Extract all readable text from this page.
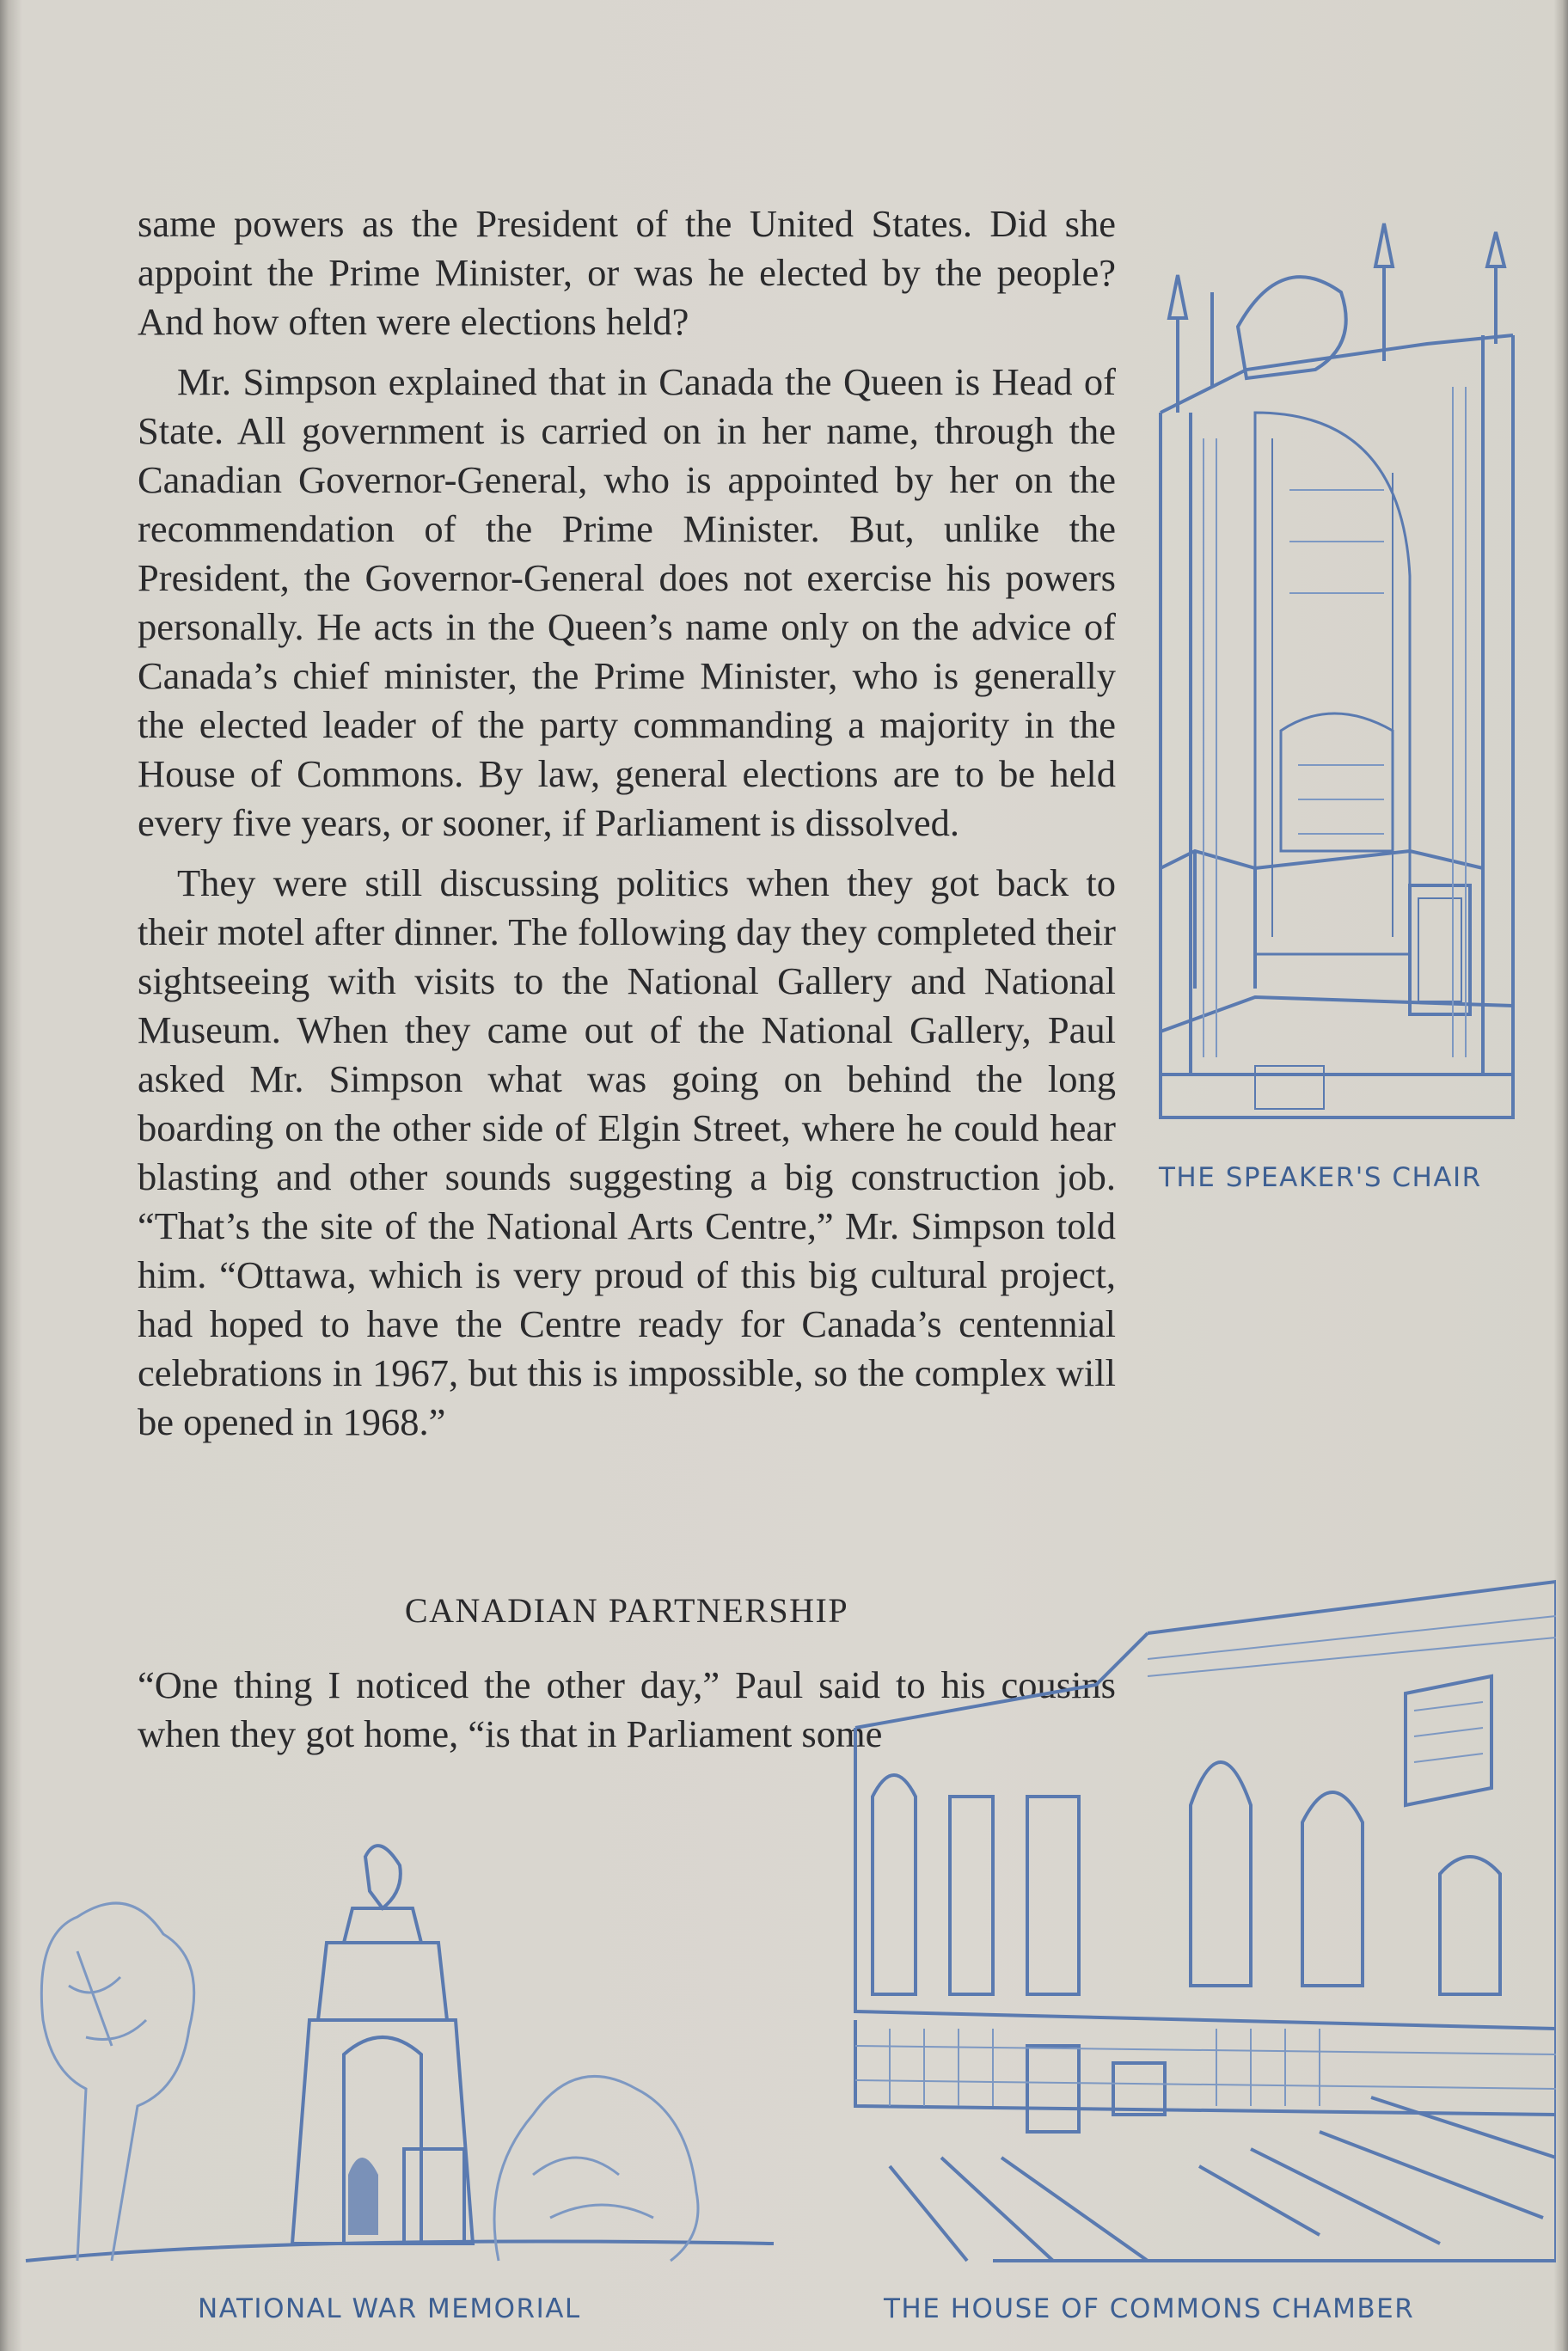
same powers as the President of the United States. Did she appoint the Prime Minister, or was he elected by the people? And how often were elections held?

Mr. Simpson explained that in Canada the Queen is Head of State. All government is carried on in her name, through the Canadian Governor-General, who is appointed by her on the recommendation of the Prime Minister. But, unlike the President, the Governor-General does not exercise his powers personally. He acts in the Queen’s name only on the advice of Canada’s chief minister, the Prime Minister, who is generally the elected leader of the party commanding a majority in the House of Commons. By law, general elections are to be held every five years, or sooner, if Parliament is dissolved.

They were still discussing politics when they got back to their motel after dinner. The following day they completed their sightseeing with visits to the National Gallery and National Museum. When they came out of the National Gallery, Paul asked Mr. Simpson what was going on behind the long boarding on the other side of Elgin Street, where he could hear blasting and other sounds suggesting a big construction job. “That’s the site of the National Arts Centre,” Mr. Simpson told him. “Ottawa, which is very proud of this big cultural project, had hoped to have the Centre ready for Canada’s centennial celebrations in 1967, but this is impossible, so the complex will be opened in 1968.”

CANADIAN PARTNERSHIP

“One thing I noticed the other day,” Paul said to his cousins when they got home, “is that in Parliament some

THE SPEAKER'S CHAIR
THE HOUSE OF COMMONS CHAMBER
NATIONAL WAR MEMORIAL
